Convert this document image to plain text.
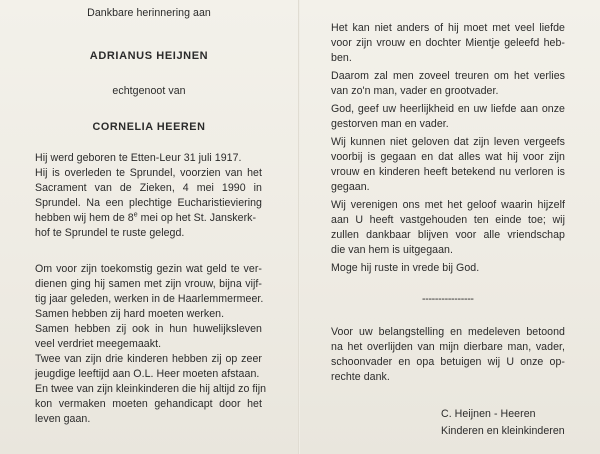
Dankbare herinnering aan
ADRIANUS HEIJNEN
echtgenoot van
CORNELIA HEEREN
Hij werd geboren te Etten-Leur 31 juli 1917.
Hij is overleden te Sprundel, voorzien van het
Sacrament van de Zieken, 4 mei 1990 in
Sprundel. Na een plechtige Eucharistieviering
hebben wij hem de 8e mei op het St. Janskerk-
hof te Sprundel te ruste gelegd.
Om voor zijn toekomstig gezin wat geld te ver-
dienen ging hij samen met zijn vrouw, bijna vijf-
tig jaar geleden, werken in de Haarlemmermeer.
Samen hebben zij hard moeten werken.
Samen hebben zij ook in hun huwelijksleven
veel verdriet meegemaakt.
Twee van zijn drie kinderen hebben zij op zeer
jeugdige leeftijd aan O.L. Heer moeten afstaan.
En twee van zijn kleinkinderen die hij altijd zo fijn
kon vermaken moeten gehandicapt door het
leven gaan.
Het kan niet anders of hij moet met veel liefde
voor zijn vrouw en dochter Mientje geleefd heb-
ben.
Daarom zal men zoveel treuren om het verlies
van zo'n man, vader en grootvader.
God, geef uw heerlijkheid en uw liefde aan onze
gestorven man en vader.
Wij kunnen niet geloven dat zijn leven vergeefs
voorbij is gegaan en dat alles wat hij voor zijn
vrouw en kinderen heeft betekend nu verloren is
gegaan.
Wij verenigen ons met het geloof waarin hijzelf
aan U heeft vastgehouden ten einde toe; wij
zullen dankbaar blijven voor alle vriendschap
die van hem is uitgegaan.
Moge hij ruste in vrede bij God.
----------------
Voor uw belangstelling en medeleven betoond
na het overlijden van mijn dierbare man, vader,
schoonvader en opa betuigen wij U onze op-
rechte dank.
C. Heijnen - Heeren
Kinderen en kleinkinderen
